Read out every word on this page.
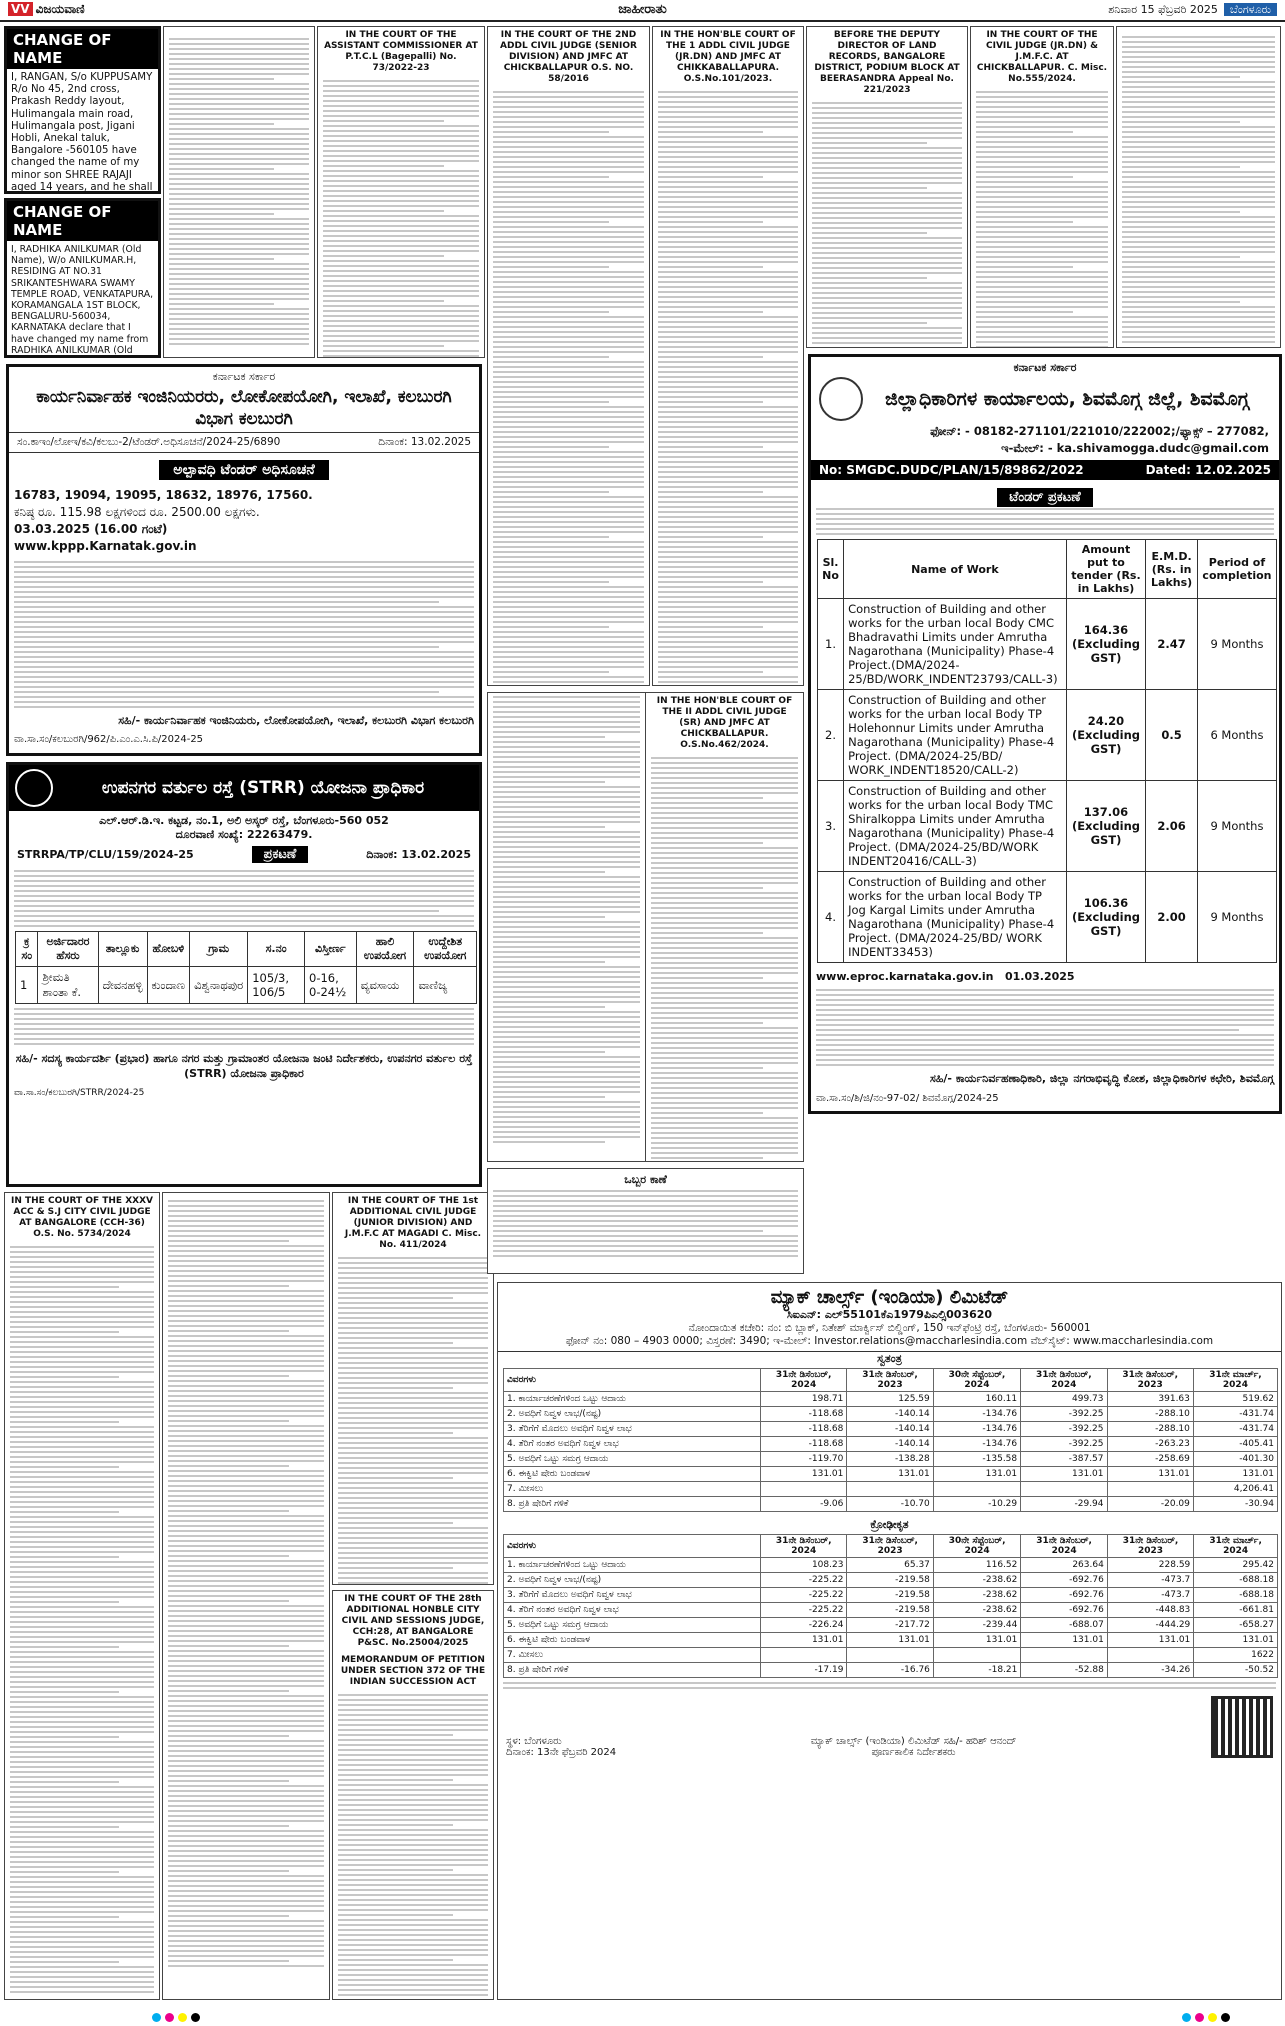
VV ವಿಜಯವಾಣಿ	ಜಾಹೀರಾತು	ಶನಿವಾರ 15 ಫೆಬ್ರವರಿ 2025 ಬೆಂಗಳೂರು
CHANGE OF NAME
I, RANGAN, S/o KUPPUSAMY R/o No 45, 2nd cross, Prakash Reddy layout, Hulimangala main road, Hulimangala post, Jigani Hobli, Anekal taluk, Bangalore -560105 have changed the name of my minor son SHREE RAJAJI aged 14 years, and he shall
CHANGE OF NAME
I, RADHIKA ANILKUMAR (Old Name), W/o ANILKUMAR.H, RESIDING AT NO.31 SRIKANTESHWARA SWAMY TEMPLE ROAD, VENKATAPURA, KORAMANGALA 1ST BLOCK, BENGALURU-560034, KARNATAKA declare that I have changed my name from RADHIKA ANILKUMAR (Old
IN THE COURT OF THE ASSISTANT COMMISSIONER AT P.T.C.L (Bagepalli) No. 73/2022-23
IN THE COURT OF THE 2ND ADDL CIVIL JUDGE (SENIOR DIVISION) AND JMFC AT CHICKBALLAPUR O.S. NO. 58/2016
IN THE HON'BLE COURT OF THE 1 ADDL CIVIL JUDGE (JR.DN) AND JMFC AT CHIKKABALLAPURA. O.S.No.101/2023.
BEFORE THE DEPUTY DIRECTOR OF LAND RECORDS, BANGALORE DISTRICT, PODIUM BLOCK AT BEERASANDRA Appeal No. 221/2023
IN THE COURT OF THE CIVIL JUDGE (JR.DN) & J.M.F.C. AT CHICKBALLAPUR. C. Misc. No.555/2024.
ಕರ್ನಾಟಕ ಸರ್ಕಾರ
ಕಾರ್ಯನಿರ್ವಾಹಕ ಇಂಜಿನಿಯರರು, ಲೋಕೋಪಯೋಗಿ, ಇಲಾಖೆ, ಕಲಬುರಗಿ ವಿಭಾಗ ಕಲಬುರಗಿ
ಸಂ.ಕಾಇಂ/ಲೋಇ/ಕವಿ/ಕಲಬು-2/ಟೆಂಡರ್.ಅಧಿಸೂಚನೆ/2024-25/6890	ದಿನಾಂಕ: 13.02.2025
ಅಲ್ಪಾವಧಿ ಟೆಂಡರ್ ಅಧಿಸೂಚನೆ
16783, 19094, 19095, 18632, 18976, 17560.
ಕನಿಷ್ಠ ರೂ. 115.98 ಲಕ್ಷಗಳಿಂದ ರೂ. 2500.00 ಲಕ್ಷಗಳು.
03.03.2025 (16.00 ಗಂಟೆ)
www.kppp.Karnatak.gov.in
ಸಹಿ/- ಕಾರ್ಯನಿರ್ವಾಹಕ ಇಂಜಿನಿಯರು, ಲೋಕೋಪಯೋಗಿ, ಇಲಾಖೆ, ಕಲಬುರಗಿ ವಿಭಾಗ ಕಲಬುರಗಿ
ವಾ.ಸಾ.ಸಂ/ಕಲಬುರಗಿ/962/ಪಿ.ಎಂ.ಎ.ಸಿ.ಪಿ/2024-25
ಉಪನಗರ ವರ್ತುಲ ರಸ್ತೆ (STRR) ಯೋಜನಾ ಪ್ರಾಧಿಕಾರ
ಎಲ್.ಆರ್.ಡಿ.ಇ. ಕಟ್ಟಡ, ನಂ.1, ಅಲಿ ಅಸ್ಕರ್ ರಸ್ತೆ, ಬೆಂಗಳೂರು-560 052
ದೂರವಾಣಿ ಸಂಖ್ಯೆ: 22263479.
STRRPA/TP/CLU/159/2024-25	ಪ್ರಕಟಣೆ	ದಿನಾಂಕ: 13.02.2025
ಕ್ರ ಸಂ	ಅರ್ಜಿದಾರರ ಹೆಸರು	ತಾಲ್ಲೂಕು	ಹೋಬಳಿ	ಗ್ರಾಮ	ಸ.ನಂ	ವಿಸ್ತೀರ್ಣ	ಹಾಲಿ ಉಪಯೋಗ	ಉದ್ದೇಶಿತ ಉಪಯೋಗ
1	ಶ್ರೀಮತಿ ಶಾಂತಾ ಕೆ.	ದೇವನಹಳ್ಳಿ	ಕುಂದಾಣ	ವಿಶ್ವನಾಥಪುರ	105/3, 106/5	0-16, 0-24½	ವ್ಯವಸಾಯ	ವಾಣಿಜ್ಯ
ಸಹಿ/- ಸದಸ್ಯ ಕಾರ್ಯದರ್ಶಿ (ಪ್ರಭಾರ) ಹಾಗೂ ನಗರ ಮತ್ತು ಗ್ರಾಮಾಂತರ ಯೋಜನಾ ಜಂಟಿ ನಿರ್ದೇಶಕರು, ಉಪನಗರ ವರ್ತುಲ ರಸ್ತೆ (STRR) ಯೋಜನಾ ಪ್ರಾಧಿಕಾರ
ವಾ.ಸಾ.ಸಂ/ಕಲಬುರಗಿ/STRR/2024-25
IN THE COURT OF THE XXXV ACC & S.J CITY CIVIL JUDGE AT BANGALORE (CCH-36) O.S. No. 5734/2024
IN THE COURT OF THE 1st ADDITIONAL CIVIL JUDGE (JUNIOR DIVISION) AND J.M.F.C AT MAGADI C. Misc. No. 411/2024
IN THE COURT OF THE 28th ADDITIONAL HONBLE CITY CIVIL AND SESSIONS JUDGE, CCH:28, AT BANGALORE P&SC. No.25004/2025
MEMORANDUM OF PETITION UNDER SECTION 372 OF THE INDIAN SUCCESSION ACT
IN THE HON'BLE COURT OF THE II ADDL CIVIL JUDGE (SR) AND JMFC AT CHICKBALLAPUR. O.S.No.462/2024.
ಒಬ್ಬರ ಕಾಣೆ
ಕರ್ನಾಟಕ ಸರ್ಕಾರ
ಜಿಲ್ಲಾಧಿಕಾರಿಗಳ ಕಾರ್ಯಾಲಯ, ಶಿವಮೊಗ್ಗ ಜಿಲ್ಲೆ, ಶಿವಮೊಗ್ಗ
ಫೋನ್: - 08182-271101/221010/222002;/ಫ್ಯಾಕ್ಸ್ – 277082,
ಇ-ಮೇಲ್: - ka.shivamogga.dudc@gmail.com
No: SMGDC.DUDC/PLAN/15/89862/2022	Dated: 12.02.2025
ಟೆಂಡರ್ ಪ್ರಕಟಣೆ
Sl. No	Name of Work	Amount put to tender (Rs. in Lakhs)	E.M.D. (Rs. in Lakhs)	Period of completion
1.	Construction of Building and other works for the urban local Body CMC Bhadravathi Limits under Amrutha Nagarothana (Municipality) Phase-4 Project.(DMA/2024- 25/BD/WORK_INDENT23793/CALL-3)	164.36 (Excluding GST)	2.47	9 Months
2.	Construction of Building and other works for the urban local Body TP Holehonnur Limits under Amrutha Nagarothana (Municipality) Phase-4 Project. (DMA/2024-25/BD/ WORK_INDENT18520/CALL-2)	24.20 (Excluding GST)	0.5	6 Months
3.	Construction of Building and other works for the urban local Body TMC Shiralkoppa Limits under Amrutha Nagarothana (Municipality) Phase-4 Project. (DMA/2024-25/BD/WORK INDENT20416/CALL-3)	137.06 (Excluding GST)	2.06	9 Months
4.	Construction of Building and other works for the urban local Body TP Jog Kargal Limits under Amrutha Nagarothana (Municipality) Phase-4 Project. (DMA/2024-25/BD/ WORK INDENT33453)	106.36 (Excluding GST)	2.00	9 Months
www.eproc.karnataka.gov.in 01.03.2025
ಸಹಿ/- ಕಾರ್ಯನಿರ್ವಹಣಾಧಿಕಾರಿ, ಜಿಲ್ಲಾ ನಗರಾಭಿವೃದ್ಧಿ ಕೋಶ, ಜಿಲ್ಲಾಧಿಕಾರಿಗಳ ಕಛೇರಿ, ಶಿವಮೊಗ್ಗ
ವಾ.ಸಾ.ಸಂ/ಶಿ/ಜಿ/ನಂ-97-02/ ಶಿವಮೊಗ್ಗ/2024-25
ಮ್ಯಾಕ್ ಚಾರ್ಲ್ಸ್ (ಇಂಡಿಯಾ) ಲಿಮಿಟೆಡ್
ಸಿಐಎನ್: ಎಲ್55101ಕೆಎ1979ಪಿಎಲ್ಸಿ003620
ನೋಂದಾಯಿತ ಕಚೇರಿ: ನಂ: ಬಿ ಬ್ಲಾಕ್, ನಿತೇಶ್ ಮಾರ್ಕ್ವಿಸ್ ಬಿಲ್ಡಿಂಗ್, 150 ಇನ್‌ಫೆಂಟ್ರಿ ರಸ್ತೆ, ಬೆಂಗಳೂರು- 560001
ಫೋನ್ ನಂ: 080 – 4903 0000; ವಿಸ್ತರಣೆ: 3490; ಇ-ಮೇಲ್: Investor.relations@maccharlesindia.com ವೆಬ್‌ಸೈಟ್: www.maccharlesindia.com
ಸ್ವತಂತ್ರ
ವಿವರಗಳು	31ನೇ ಡಿಸೆಂಬರ್, 2024	31ನೇ ಡಿಸೆಂಬರ್, 2023	30ನೇ ಸೆಪ್ಟೆಂಬರ್, 2024	31ನೇ ಡಿಸೆಂಬರ್, 2024	31ನೇ ಡಿಸೆಂಬರ್, 2023	31ನೇ ಮಾರ್ಚ್, 2024
1. ಕಾರ್ಯಾಚರಣೆಗಳಿಂದ ಒಟ್ಟು ಆದಾಯ	198.71	125.59	160.11	499.73	391.63	519.62
2. ಅವಧಿಗೆ ನಿವ್ವಳ ಲಾಭ/(ನಷ್ಟ)	-118.68	-140.14	-134.76	-392.25	-288.10	-431.74
3. ತೆರಿಗೆಗೆ ಮೊದಲು ಅವಧಿಗೆ ನಿವ್ವಳ ಲಾಭ	-118.68	-140.14	-134.76	-392.25	-288.10	-431.74
4. ತೆರಿಗೆ ನಂತರ ಅವಧಿಗೆ ನಿವ್ವಳ ಲಾಭ	-118.68	-140.14	-134.76	-392.25	-263.23	-405.41
5. ಅವಧಿಗೆ ಒಟ್ಟು ಸಮಗ್ರ ಆದಾಯ	-119.70	-138.28	-135.58	-387.57	-258.69	-401.30
6. ಈಕ್ವಿಟಿ ಷೇರು ಬಂಡವಾಳ	131.01	131.01	131.01	131.01	131.01	131.01
7. ಮೀಸಲು						4,206.41
8. ಪ್ರತಿ ಷೇರಿಗೆ ಗಳಿಕೆ	-9.06	-10.70	-10.29	-29.94	-20.09	-30.94
ಕ್ರೋಢೀಕೃತ
ವಿವರಗಳು	31ನೇ ಡಿಸೆಂಬರ್, 2024	31ನೇ ಡಿಸೆಂಬರ್, 2023	30ನೇ ಸೆಪ್ಟೆಂಬರ್, 2024	31ನೇ ಡಿಸೆಂಬರ್, 2024	31ನೇ ಡಿಸೆಂಬರ್, 2023	31ನೇ ಮಾರ್ಚ್, 2024
1. ಕಾರ್ಯಾಚರಣೆಗಳಿಂದ ಒಟ್ಟು ಆದಾಯ	108.23	65.37	116.52	263.64	228.59	295.42
2. ಅವಧಿಗೆ ನಿವ್ವಳ ಲಾಭ/(ನಷ್ಟ)	-225.22	-219.58	-238.62	-692.76	-473.7	-688.18
3. ತೆರಿಗೆಗೆ ಮೊದಲು ಅವಧಿಗೆ ನಿವ್ವಳ ಲಾಭ	-225.22	-219.58	-238.62	-692.76	-473.7	-688.18
4. ತೆರಿಗೆ ನಂತರ ಅವಧಿಗೆ ನಿವ್ವಳ ಲಾಭ	-225.22	-219.58	-238.62	-692.76	-448.83	-661.81
5. ಅವಧಿಗೆ ಒಟ್ಟು ಸಮಗ್ರ ಆದಾಯ	-226.24	-217.72	-239.44	-688.07	-444.29	-658.27
6. ಈಕ್ವಿಟಿ ಷೇರು ಬಂಡವಾಳ	131.01	131.01	131.01	131.01	131.01	131.01
7. ಮೀಸಲು						1622
8. ಪ್ರತಿ ಷೇರಿಗೆ ಗಳಿಕೆ	-17.19	-16.76	-18.21	-52.88	-34.26	-50.52
ಸ್ಥಳ: ಬೆಂಗಳೂರು
ದಿನಾಂಕ: 13ನೇ ಫೆಬ್ರವರಿ 2024
ಮ್ಯಾಕ್ ಚಾರ್ಲ್ಸ್ (ಇಂಡಿಯಾ) ಲಿಮಿಟೆಡ್ ಸಹಿ/- ಹರಿಶ್ ಆನಂದ್ ಪೂರ್ಣಕಾಲಿಕ ನಿರ್ದೇಶಕರು
